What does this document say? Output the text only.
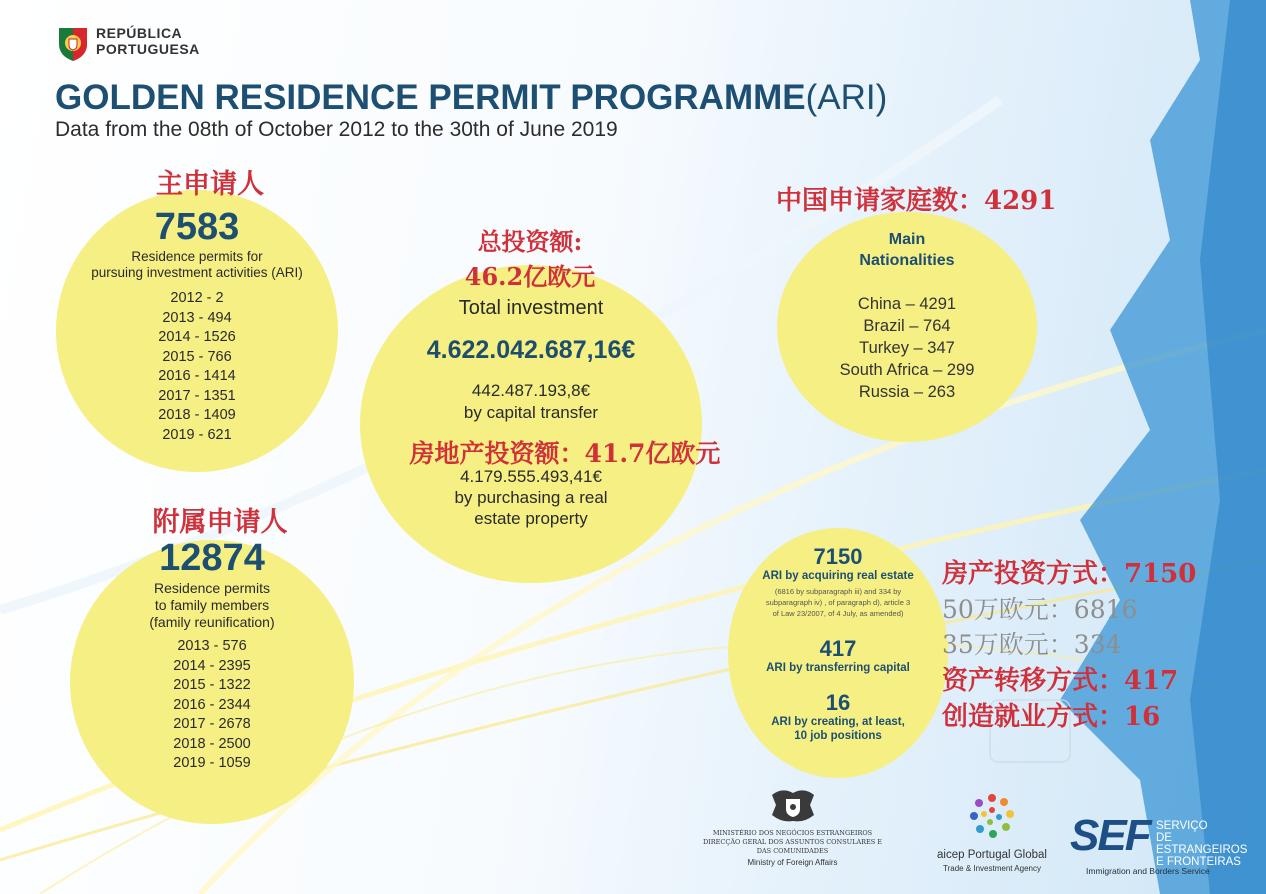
REPÚBLICA
PORTUGUESA
GOLDEN RESIDENCE PERMIT PROGRAMME(ARI)
Data from the 08th of October 2012 to the 30th of June 2019
主申请人
7583
Residence permits for
pursuing investment activities (ARI)
2012 - 2
2013 - 494
2014 - 1526
2015 - 766
2016 - 1414
2017 - 1351
2018 - 1409
2019 - 621
附属申请人
12874
Residence permits
to family members
(family reunification)
2013 - 576
2014 - 2395
2015 - 1322
2016 - 2344
2017 - 2678
2018 - 2500
2019 - 1059
总投资额:
46.2亿欧元
Total investment
4.622.042.687,16€
442.487.193,8€
by capital transfer
房地产投资额：41.7亿欧元
4.179.555.493,41€
by purchasing a real
estate property
中国申请家庭数：4291
Main
Nationalities
China – 4291
Brazil – 764
Turkey – 347
South Africa – 299
Russia – 263
7150
ARI by acquiring real estate
(6816 by subparagraph iii) and 334 by
subparagraph iv) , of paragraph d), article 3
of Law 23/2007, of 4 July, as amended)
417
ARI by transferring capital
16
ARI by creating, at least,
10 job positions
房产投资方式：7150
50万欧元：6816
35万欧元：334
资产转移方式：417
创造就业方式：16
MINISTÉRIO DOS NEGÓCIOS ESTRANGEIROS
DIRECÇÃO GERAL DOS ASSUNTOS CONSULARES E
DAS COMUNIDADES
Ministry of Foreign Affairs
aicep Portugal Global
Trade & Investment Agency
SEF SERVIÇO
DE ESTRANGEIROS
E FRONTEIRAS
Immigration and Borders Service
